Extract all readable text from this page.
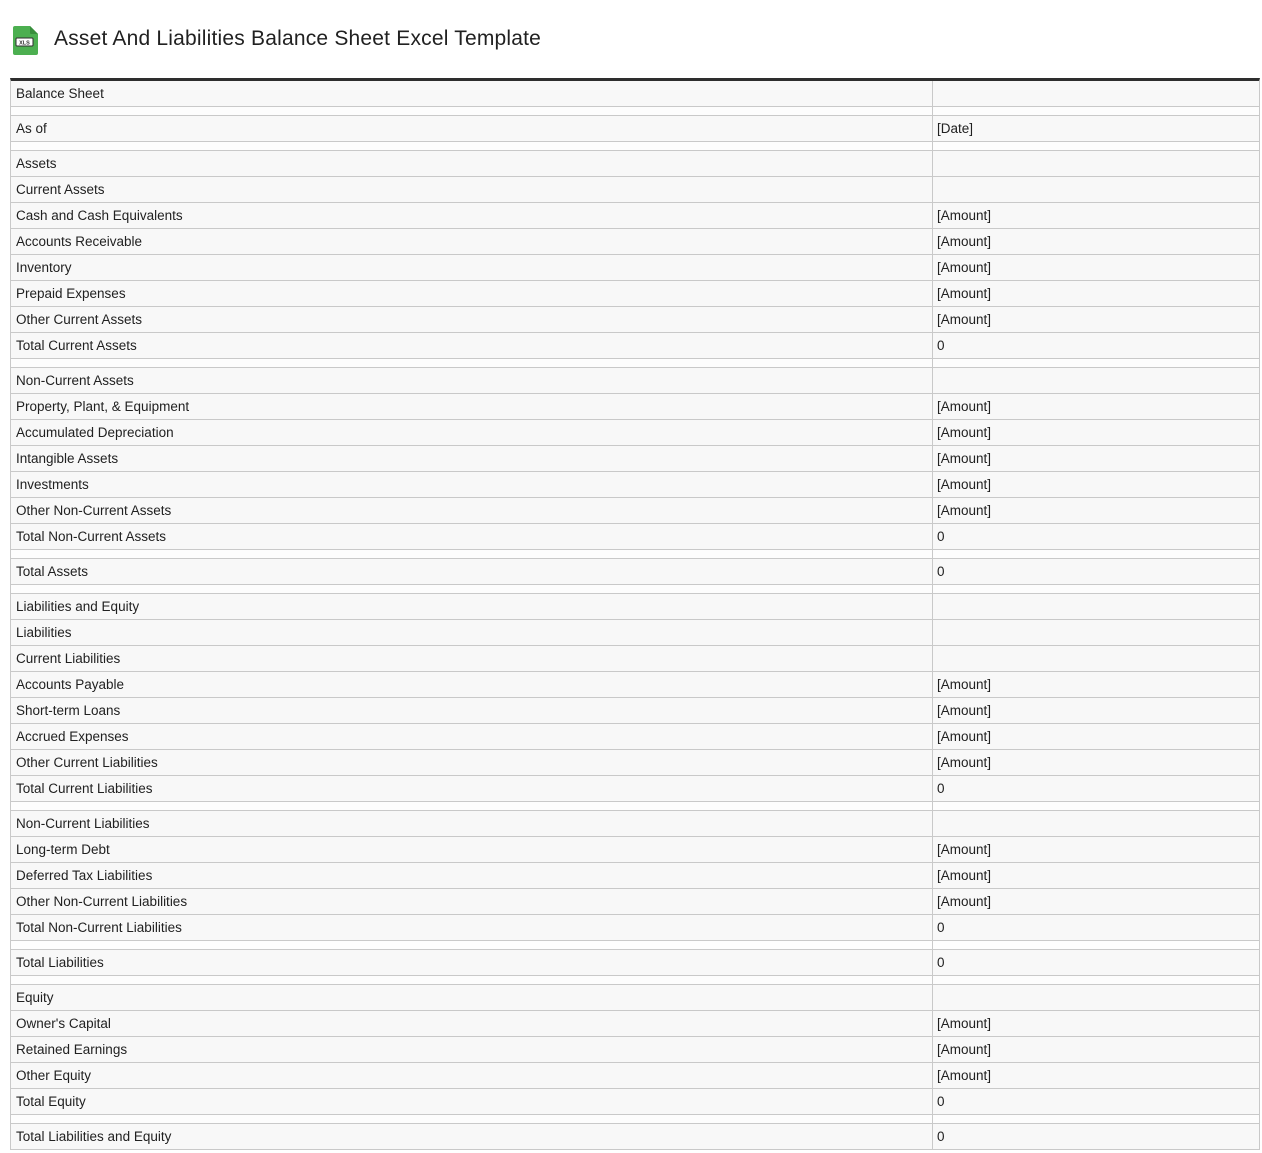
XLS Asset And Liabilities Balance Sheet Excel Template
Balance Sheet
As of	[Date]
Assets
Current Assets
Cash and Cash Equivalents	[Amount]
Accounts Receivable	[Amount]
Inventory	[Amount]
Prepaid Expenses	[Amount]
Other Current Assets	[Amount]
Total Current Assets	0
Non-Current Assets
Property, Plant, & Equipment	[Amount]
Accumulated Depreciation	[Amount]
Intangible Assets	[Amount]
Investments	[Amount]
Other Non-Current Assets	[Amount]
Total Non-Current Assets	0
Total Assets	0
Liabilities and Equity
Liabilities
Current Liabilities
Accounts Payable	[Amount]
Short-term Loans	[Amount]
Accrued Expenses	[Amount]
Other Current Liabilities	[Amount]
Total Current Liabilities	0
Non-Current Liabilities
Long-term Debt	[Amount]
Deferred Tax Liabilities	[Amount]
Other Non-Current Liabilities	[Amount]
Total Non-Current Liabilities	0
Total Liabilities	0
Equity
Owner's Capital	[Amount]
Retained Earnings	[Amount]
Other Equity	[Amount]
Total Equity	0
Total Liabilities and Equity	0
